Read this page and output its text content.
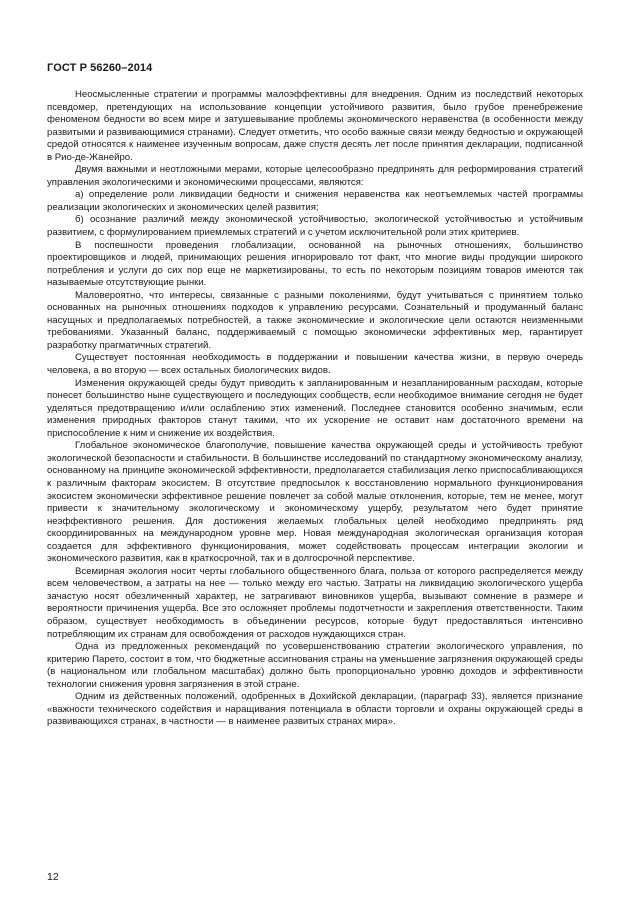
ГОСТ Р 56260–2014

Неосмысленные стратегии и программы малоэффективны для внедрения. Одним из последствий некоторых псевдомер, претендующих на использование концепции устойчивого развития, было грубое пренебрежение феноменом бедности во всем мире и затушевывание проблемы экономического неравенства (в особенности между развитыми и развивающимися странами). Следует отметить, что особо важные связи между бедностью и окружающей средой относятся к наименее изученным вопросам, даже спустя десять лет после принятия декларации, подписанной в Рио-де-Жанейро.

Двумя важными и неотложными мерами, которые целесообразно предпринять для реформирования стратегий управления экологическими и экономическими процессами, являются:

а) определение роли ликвидации бедности и снижения неравенства как неотъемлемых частей программы реализации экологических и экономических целей развития;

б) осознание различий между экономической устойчивостью, экологической устойчивостью и устойчивым развитием, с формулированием приемлемых стратегий и с учетом исключительной роли этих критериев.

В поспешности проведения глобализации, основанной на рыночных отношениях, большинство проектировщиков и людей, принимающих решения игнорировало тот факт, что многие виды продукции широкого потребления и услуги до сих пор еще не маркетизированы, то есть по некоторым позициям товаров имеются так называемые отсутствующие рынки.

Маловероятно, что интересы, связанные с разными поколениями, будут учитываться с принятием только основанных на рыночных отношениях подходов к управлению ресурсами. Сознательный и продуманный баланс насущных и предполагаемых потребностей, а также экономические и экологические цели остаются неизменными требованиями. Указанный баланс, поддерживаемый с помощью экономически эффективных мер, гарантирует разработку прагматичных стратегий.

Существует постоянная необходимость в поддержании и повышении качества жизни, в первую очередь человека, а во вторую — всех остальных биологических видов.

Изменения окружающей среды будут приводить к запланированным и незапланированным расходам, которые понесет большинство ныне существующего и последующих сообществ, если необходимое внимание сегодня не будет уделяться предотвращению и/или ослаблению этих изменений. Последнее становится особенно значимым, если изменения природных факторов станут такими, что их ускорение не оставит нам достаточного времени на приспособление к ним и снижение их воздействия.

Глобальное экономическое благополучие, повышение качества окружающей среды и устойчивость требуют экологической безопасности и стабильности. В большинстве исследований по стандартному экономическому анализу, основанному на принципе экономической эффективности, предполагается стабилизация легко приспосабливающихся к различным факторам экосистем. В отсутствие предпосылок к восстановлению нормального функционирования экосистем экономически эффективное решение повлечет за собой малые отклонения, которые, тем не менее, могут привести к значительному экологическому и экономическому ущербу, результатом чего будет принятие неэффективного решения. Для достижения желаемых глобальных целей необходимо предпринять ряд скоординированных на международном уровне мер. Новая международная экологическая организация которая создается для эффективного функционирования, может содействовать процессам интеграции экологии и экономического развития, как в краткосрочной, так и в долгосрочной перспективе.

Всемирная экология носит черты глобального общественного блага, польза от которого распределяется между всем человечеством, а затраты на нее — только между его частью. Затраты на ликвидацию экологического ущерба зачастую носят обезличенный характер, не затрагивают виновников ущерба, вызывают сомнение в размере и вероятности причинения ущерба. Все это осложняет проблемы подотчетности и закрепления ответственности. Таким образом, существует необходимость в объединении ресурсов, которые будут предоставляться интенсивно потребляющим их странам для освобождения от расходов нуждающихся стран.

Одна из предложенных рекомендаций по усовершенствованию стратегии экологического управления, по критерию Парето, состоит в том, что бюджетные ассигнования страны на уменьшение загрязнения окружающей среды (в национальном или глобальном масштабах) должно быть пропорционально уровню доходов и эффективности технологии снижения уровня загрязнения в этой стране.

Одним из действенных положений, одобренных в Дохийской декларации, (параграф 33), является признание «важности технического содействия и наращивания потенциала в области торговли и охраны окружающей среды в развивающихся странах, в частности — в наименее развитых странах мира».

12
